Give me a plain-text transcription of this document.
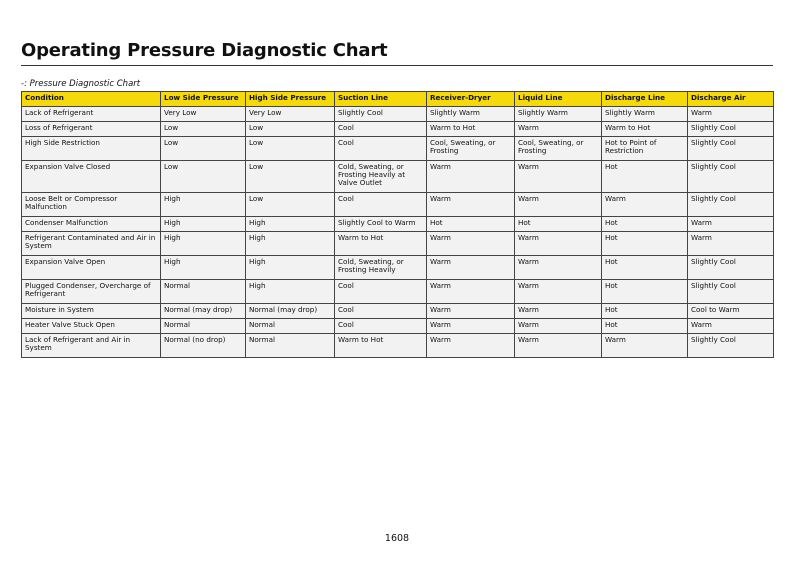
Operating Pressure Diagnostic Chart
-: Pressure Diagnostic Chart
Condition	Low Side Pressure	High Side Pressure	Suction Line	Receiver-Dryer	Liquid Line	Discharge Line	Discharge Air
Lack of Refrigerant	Very Low	Very Low	Slightly Cool	Slightly Warm	Slightly Warm	Slightly Warm	Warm
Loss of Refrigerant	Low	Low	Cool	Warm to Hot	Warm	Warm to Hot	Slightly Cool
High Side Restriction	Low	Low	Cool	Cool, Sweating, or Frosting	Cool, Sweating, or Frosting	Hot to Point of Restriction	Slightly Cool
Expansion Valve Closed	Low	Low	Cold, Sweating, or Frosting Heavily at Valve Outlet	Warm	Warm	Hot	Slightly Cool
Loose Belt or Compressor Malfunction	High	Low	Cool	Warm	Warm	Warm	Slightly Cool
Condenser Malfunction	High	High	Slightly Cool to Warm	Hot	Hot	Hot	Warm
Refrigerant Contaminated and Air in System	High	High	Warm to Hot	Warm	Warm	Hot	Warm
Expansion Valve Open	High	High	Cold, Sweating, or Frosting Heavily	Warm	Warm	Hot	Slightly Cool
Plugged Condenser, Overcharge of Refrigerant	Normal	High	Cool	Warm	Warm	Hot	Slightly Cool
Moisture in System	Normal (may drop)	Normal (may drop)	Cool	Warm	Warm	Hot	Cool to Warm
Heater Valve Stuck Open	Normal	Normal	Cool	Warm	Warm	Hot	Warm
Lack of Refrigerant and Air in System	Normal (no drop)	Normal	Warm to Hot	Warm	Warm	Warm	Slightly Cool
1608
